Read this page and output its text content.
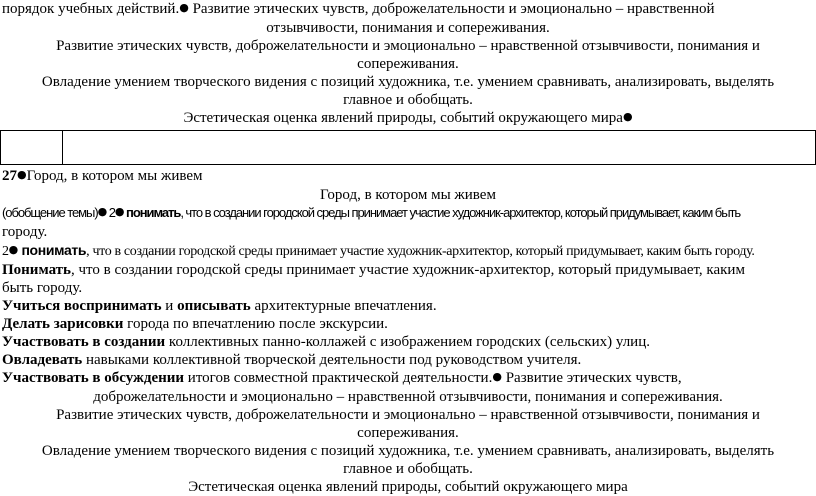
порядок учебных действий.● Развитие этических чувств, доброжелательности и эмоционально – нравственной

отзывчивости, понимания и сопереживания.

Развитие этических чувств, доброжелательности и эмоционально – нравственной отзывчивости, понимания и сопереживания.

Овладение умением творческого видения с позиций художника, т.е. умением сравнивать, анализировать, выделять главное и обобщать.

Эстетическая оценка явлений природы, событий окружающего мира●

27●Город, в котором мы живем

Город, в котором мы живем

(обобщение темы)● 2● понимать, что в создании городской среды принимает участие художник-архитектор, который придумывает, каким быть

городу.

2● понимать, что в создании городской среды принимает участие художник-архитектор, который придумывает, каким быть городу.

Понимать, что в создании городской среды принимает участие художник-архитектор, который придумывает, каким

быть городу.

Учиться воспринимать и описывать архитектурные впечатления.

Делать зарисовки города по впечатлению после экскурсии.

Участвовать в создании коллективных панно-коллажей с изображением городских (сельских) улиц.

Овладевать навыками коллективной творческой деятельности под руководством учителя.

Участвовать в обсуждении итогов совместной практической деятельности.● Развитие этических чувств,

доброжелательности и эмоционально – нравственной отзывчивости, понимания и сопереживания.

Развитие этических чувств, доброжелательности и эмоционально – нравственной отзывчивости, понимания и сопереживания.

Овладение умением творческого видения с позиций художника, т.е. умением сравнивать, анализировать, выделять главное и обобщать.

Эстетическая оценка явлений природы, событий окружающего мира
